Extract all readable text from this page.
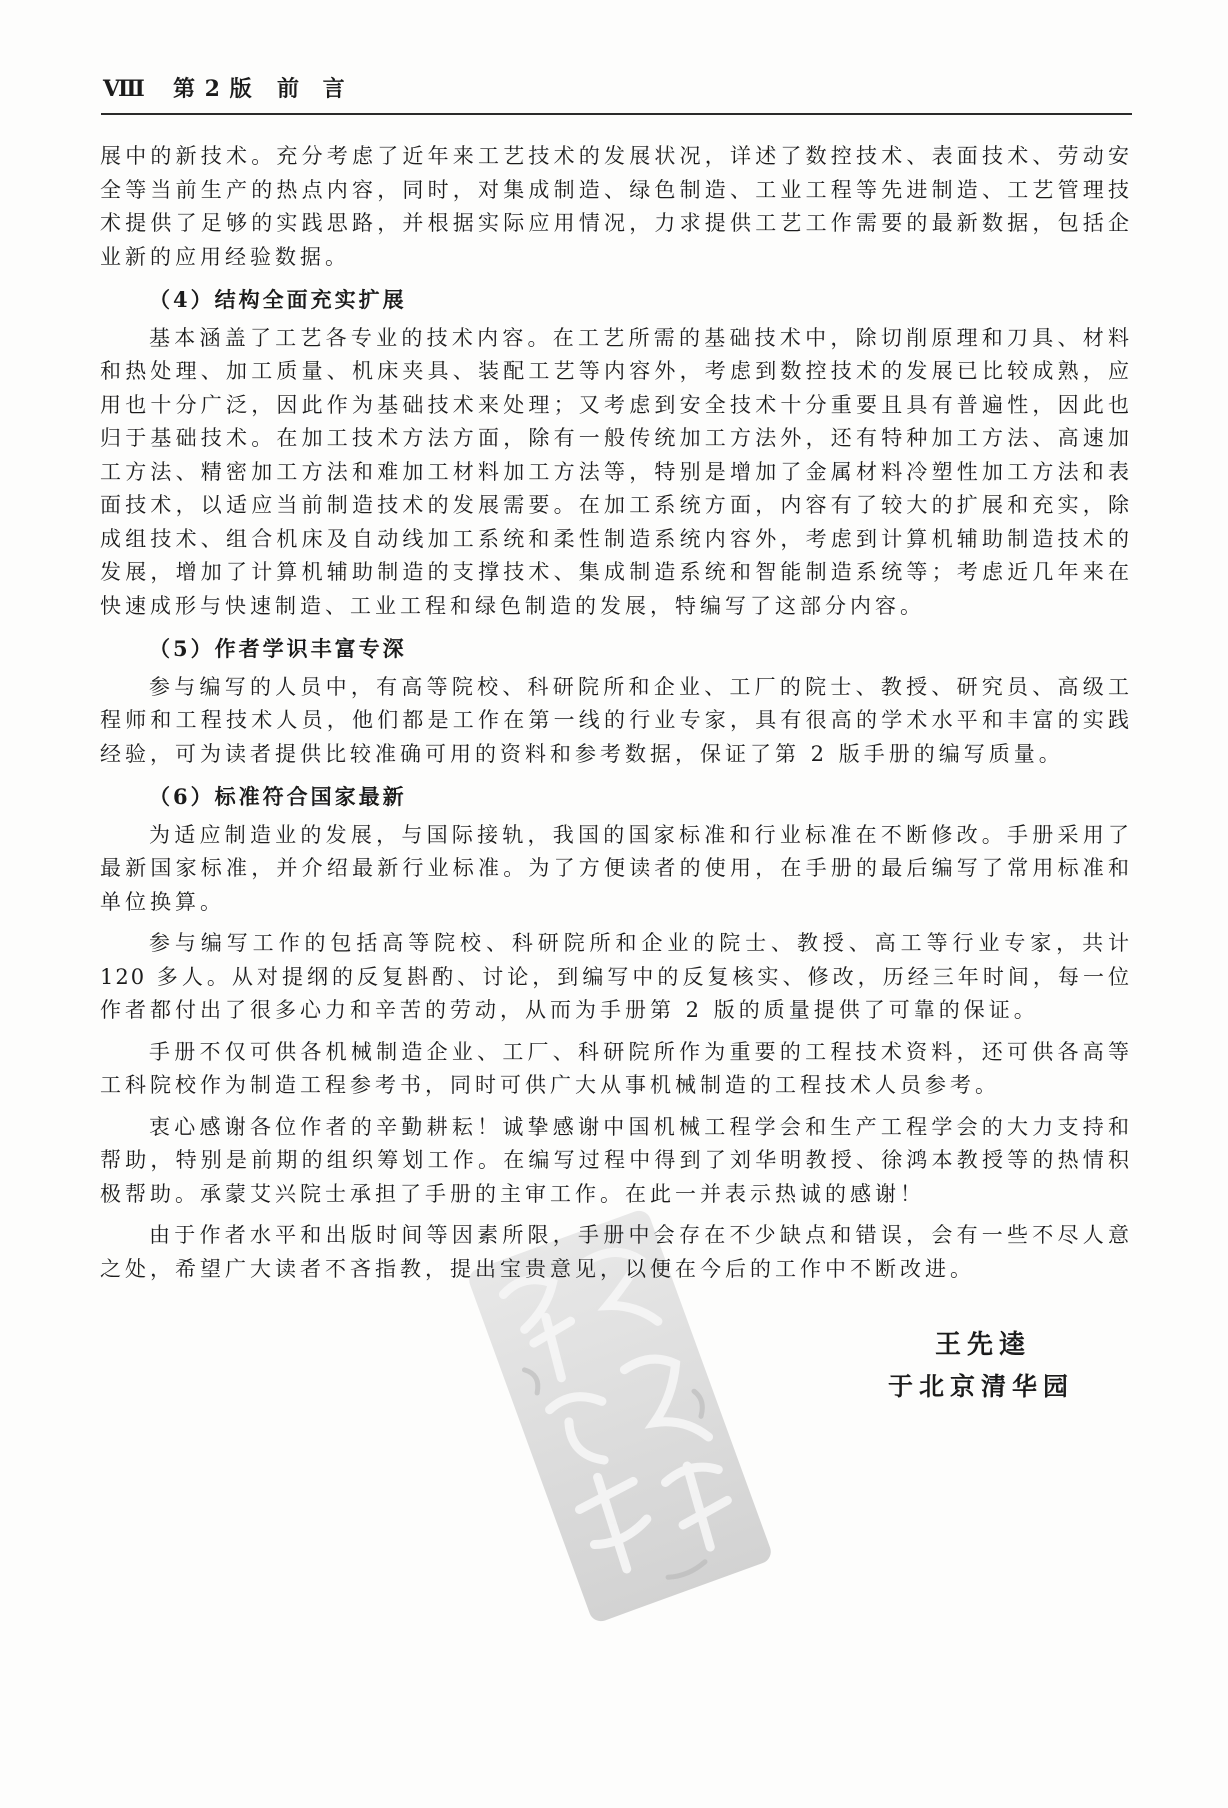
Ⅷ 第 2 版 前 言
展中的新技术。充分考虑了近年来工艺技术的发展状况，详述了数控技术、表面技术、劳动安
全等当前生产的热点内容，同时，对集成制造、绿色制造、工业工程等先进制造、工艺管理技
术提供了足够的实践思路，并根据实际应用情况，力求提供工艺工作需要的最新数据，包括企
业新的应用经验数据。
（4）结构全面充实扩展
基本涵盖了工艺各专业的技术内容。在工艺所需的基础技术中，除切削原理和刀具、材料
和热处理、加工质量、机床夹具、装配工艺等内容外，考虑到数控技术的发展已比较成熟，应
用也十分广泛，因此作为基础技术来处理；又考虑到安全技术十分重要且具有普遍性，因此也
归于基础技术。在加工技术方法方面，除有一般传统加工方法外，还有特种加工方法、高速加
工方法、精密加工方法和难加工材料加工方法等，特别是增加了金属材料冷塑性加工方法和表
面技术，以适应当前制造技术的发展需要。在加工系统方面，内容有了较大的扩展和充实，除
成组技术、组合机床及自动线加工系统和柔性制造系统内容外，考虑到计算机辅助制造技术的
发展，增加了计算机辅助制造的支撑技术、集成制造系统和智能制造系统等；考虑近几年来在
快速成形与快速制造、工业工程和绿色制造的发展，特编写了这部分内容。
（5）作者学识丰富专深
参与编写的人员中，有高等院校、科研院所和企业、工厂的院士、教授、研究员、高级工
程师和工程技术人员，他们都是工作在第一线的行业专家，具有很高的学术水平和丰富的实践
经验，可为读者提供比较准确可用的资料和参考数据，保证了第 2 版手册的编写质量。
（6）标准符合国家最新
为适应制造业的发展，与国际接轨，我国的国家标准和行业标准在不断修改。手册采用了
最新国家标准，并介绍最新行业标准。为了方便读者的使用，在手册的最后编写了常用标准和
单位换算。
参与编写工作的包括高等院校、科研院所和企业的院士、教授、高工等行业专家，共计
120 多人。从对提纲的反复斟酌、讨论，到编写中的反复核实、修改，历经三年时间，每一位
作者都付出了很多心力和辛苦的劳动，从而为手册第 2 版的质量提供了可靠的保证。
手册不仅可供各机械制造企业、工厂、科研院所作为重要的工程技术资料，还可供各高等
工科院校作为制造工程参考书，同时可供广大从事机械制造的工程技术人员参考。
衷心感谢各位作者的辛勤耕耘！诚挚感谢中国机械工程学会和生产工程学会的大力支持和
帮助，特别是前期的组织筹划工作。在编写过程中得到了刘华明教授、徐鸿本教授等的热情积
极帮助。承蒙艾兴院士承担了手册的主审工作。在此一并表示热诚的感谢！
由于作者水平和出版时间等因素所限，手册中会存在不少缺点和错误，会有一些不尽人意
之处，希望广大读者不吝指教，提出宝贵意见，以便在今后的工作中不断改进。
王先逵
于北京清华园
